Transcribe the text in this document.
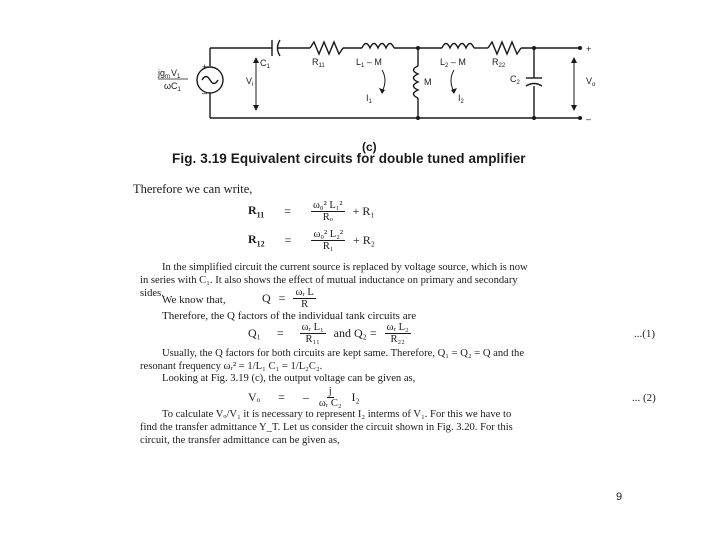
$jg_mV_1$
$\omega C_1$
+
–
$C_1$
$V_i$
$R_{11}$	$L_1$ – M
M
$I_1$	$I_2$
$L_2$ – M	$R_{22}$
$C_2$	$V_o$
+
–
(c)
Fig. 3.19 Equivalent circuits for double tuned amplifier
Therefore we can write,
$R_{11} = \frac{\text{ω₀² L₁²}}{\text{Rₒ}} + R_1$
$R_{12} = \frac{\text{ω₀² L₂²}}{\text{R₁}} + R_2$
In the simplified circuit the current source is replaced by voltage source, which is now
in series with C₁. It also shows the effect of mutual inductance on primary and secondary
sides.
We know that,	$Q = \frac{\text{ωᵣ L}}{R}$
Therefore, the Q factors of the individual tank circuits are
$Q_1 = \frac{\text{ωᵣ L₁}}{\text{R₁₁}}$ and $Q_2 = \frac{\text{ωᵣ L₂}}{\text{R₂₂}}$	...(1)
Usually, the Q factors for both circuits are kept same. Therefore, Q₁ = Q₂ = Q and the
resonant frequency ωᵣ² = 1/L₁ C₁ = 1/L₂C₂.
Looking at Fig. 3.19 (c), the output voltage can be given as,
Vₒ = – $\frac{j}{\text{ωᵣ C₂}} I_2$	... (2)
To calculate Vₒ/V₁ it is necessary to represent I₂ interms of V₁. For this we have to
find the transfer admittance Y_T. Let us consider the circuit shown in Fig. 3.20. For this
circuit, the transfer admittance can be given as,
9
